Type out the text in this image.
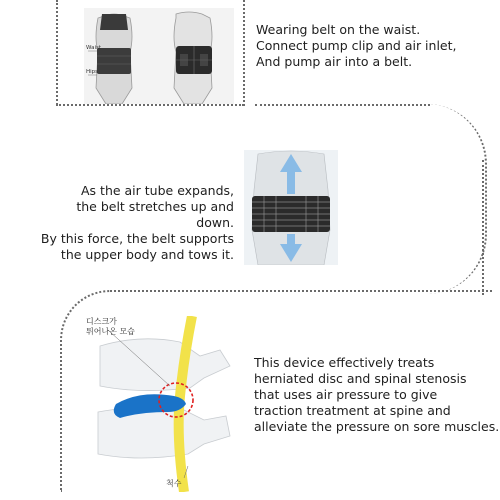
Waist
Hips
Wearing belt on the waist.
Connect pump clip and air inlet,
And pump air into a belt.
As the air tube expands,
the belt stretches up and down.
By this force, the belt supports
the upper body and tows it.
디스크가
튀어나온 모습
척수
This device effectively treats
herniated disc and spinal stenosis
that uses air pressure to give
traction treatment at spine and
alleviate the pressure on sore muscles.
